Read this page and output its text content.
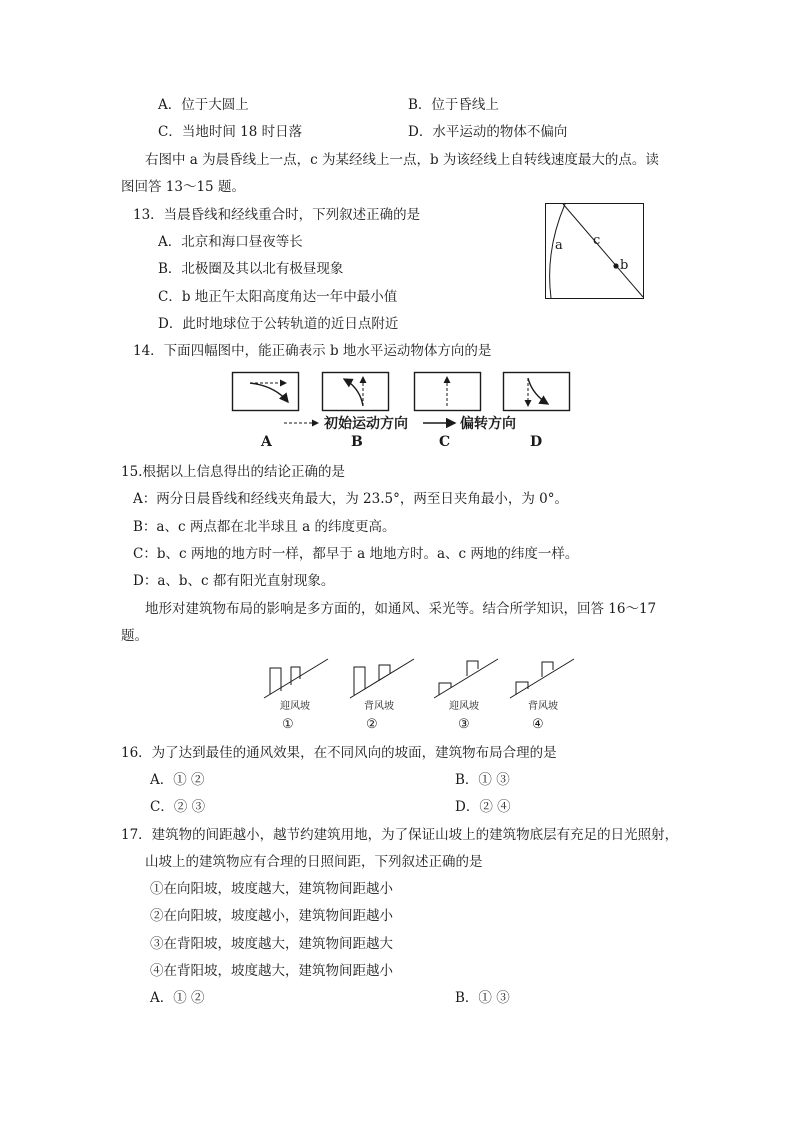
A．位于大圆上	B．位于昏线上
C．当地时间 18 时日落	D．水平运动的物体不偏向
右图中 a 为晨昏线上一点，c 为某经线上一点，b 为该经线上自转线速度最大的点。读
图回答 13～15 题。
a c
b
13．当晨昏线和经线重合时，下列叙述正确的是
A．北京和海口昼夜等长
B．北极圈及其以北有极昼现象
C．b 地正午太阳高度角达一年中最小值
D．此时地球位于公转轨道的近日点附近
14．下面四幅图中，能正确表示 b 地水平运动物体方向的是
初始运动方向	偏转方向
A	B	C	D
15.根据以上信息得出的结论正确的是
A：两分日晨昏线和经线夹角最大，为 23.5°，两至日夹角最小，为 0°。
B：a、c 两点都在北半球且 a 的纬度更高。
C：b、c 两地的地方时一样，都早于 a 地地方时。a、c 两地的纬度一样。
D：a、b、c 都有阳光直射现象。
地形对建筑物布局的影响是多方面的，如通风、采光等。结合所学知识，回答 16～17
题。
迎风坡	背风坡	迎风坡	背风坡
①	②	③	④
16．为了达到最佳的通风效果，在不同风向的坡面，建筑物布局合理的是
A．① ②	B．① ③
C．② ③	D．② ④
17．建筑物的间距越小，越节约建筑用地，为了保证山坡上的建筑物底层有充足的日光照射，
山坡上的建筑物应有合理的日照间距，下列叙述正确的是
①在向阳坡，坡度越大，建筑物间距越小
②在向阳坡，坡度越小，建筑物间距越小
③在背阳坡，坡度越大，建筑物间距越大
④在背阳坡，坡度越大，建筑物间距越小
A．① ②	B．① ③
